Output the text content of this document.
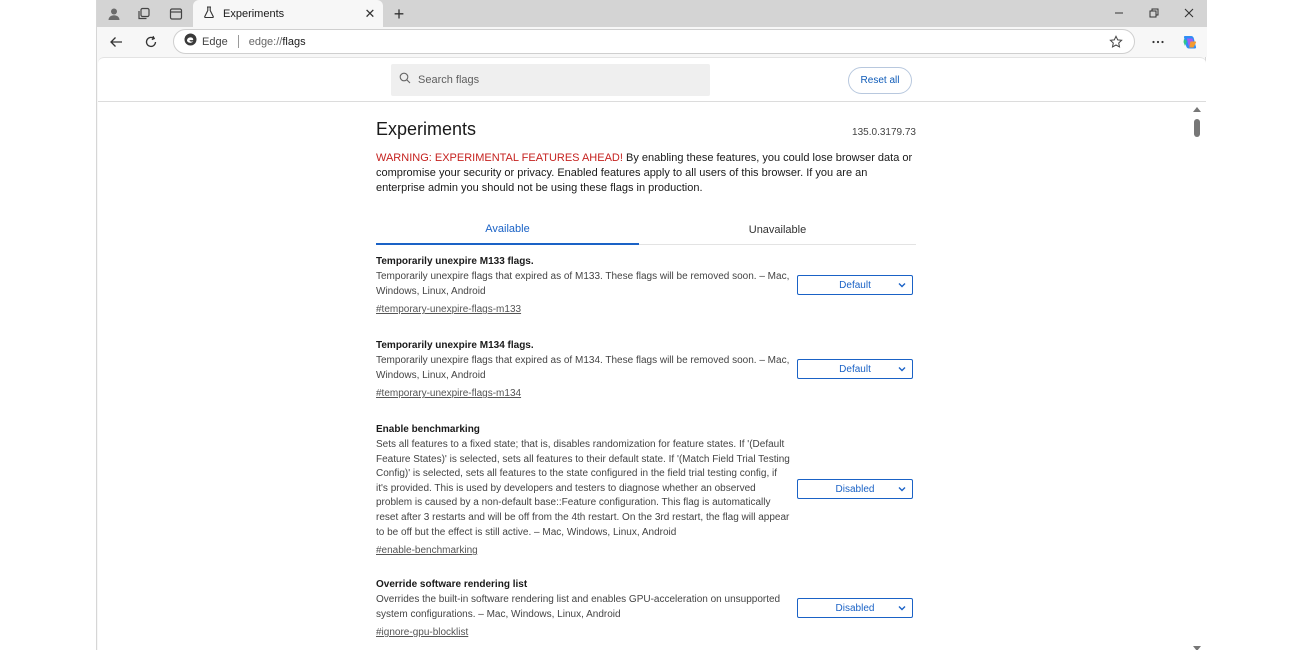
Experiments	✕ +
Edge edge://flags
Search flags	Reset all
Experiments	135.0.3179.73
WARNING: EXPERIMENTAL FEATURES AHEAD! By enabling these features, you could lose browser data or compromise your security or privacy. Enabled features apply to all users of this browser. If you are an enterprise admin you should not be using these flags in production.
Available	Unavailable
Temporarily unexpire M133 flags.
Temporarily unexpire flags that expired as of M133. These flags will be removed soon. – Mac, Windows, Linux, Android
#temporary-unexpire-flags-m133
Default
Temporarily unexpire M134 flags.
Temporarily unexpire flags that expired as of M134. These flags will be removed soon. – Mac, Windows, Linux, Android
#temporary-unexpire-flags-m134
Default
Enable benchmarking
Sets all features to a fixed state; that is, disables randomization for feature states. If '(Default Feature States)' is selected, sets all features to their default state. If '(Match Field Trial Testing Config)' is selected, sets all features to the state configured in the field trial testing config, if it's provided. This is used by developers and testers to diagnose whether an observed problem is caused by a non-default base::Feature configuration. This flag is automatically reset after 3 restarts and will be off from the 4th restart. On the 3rd restart, the flag will appear to be off but the effect is still active. – Mac, Windows, Linux, Android
#enable-benchmarking
Disabled
Override software rendering list
Overrides the built-in software rendering list and enables GPU-acceleration on unsupported system configurations. – Mac, Windows, Linux, Android
#ignore-gpu-blocklist
Disabled
